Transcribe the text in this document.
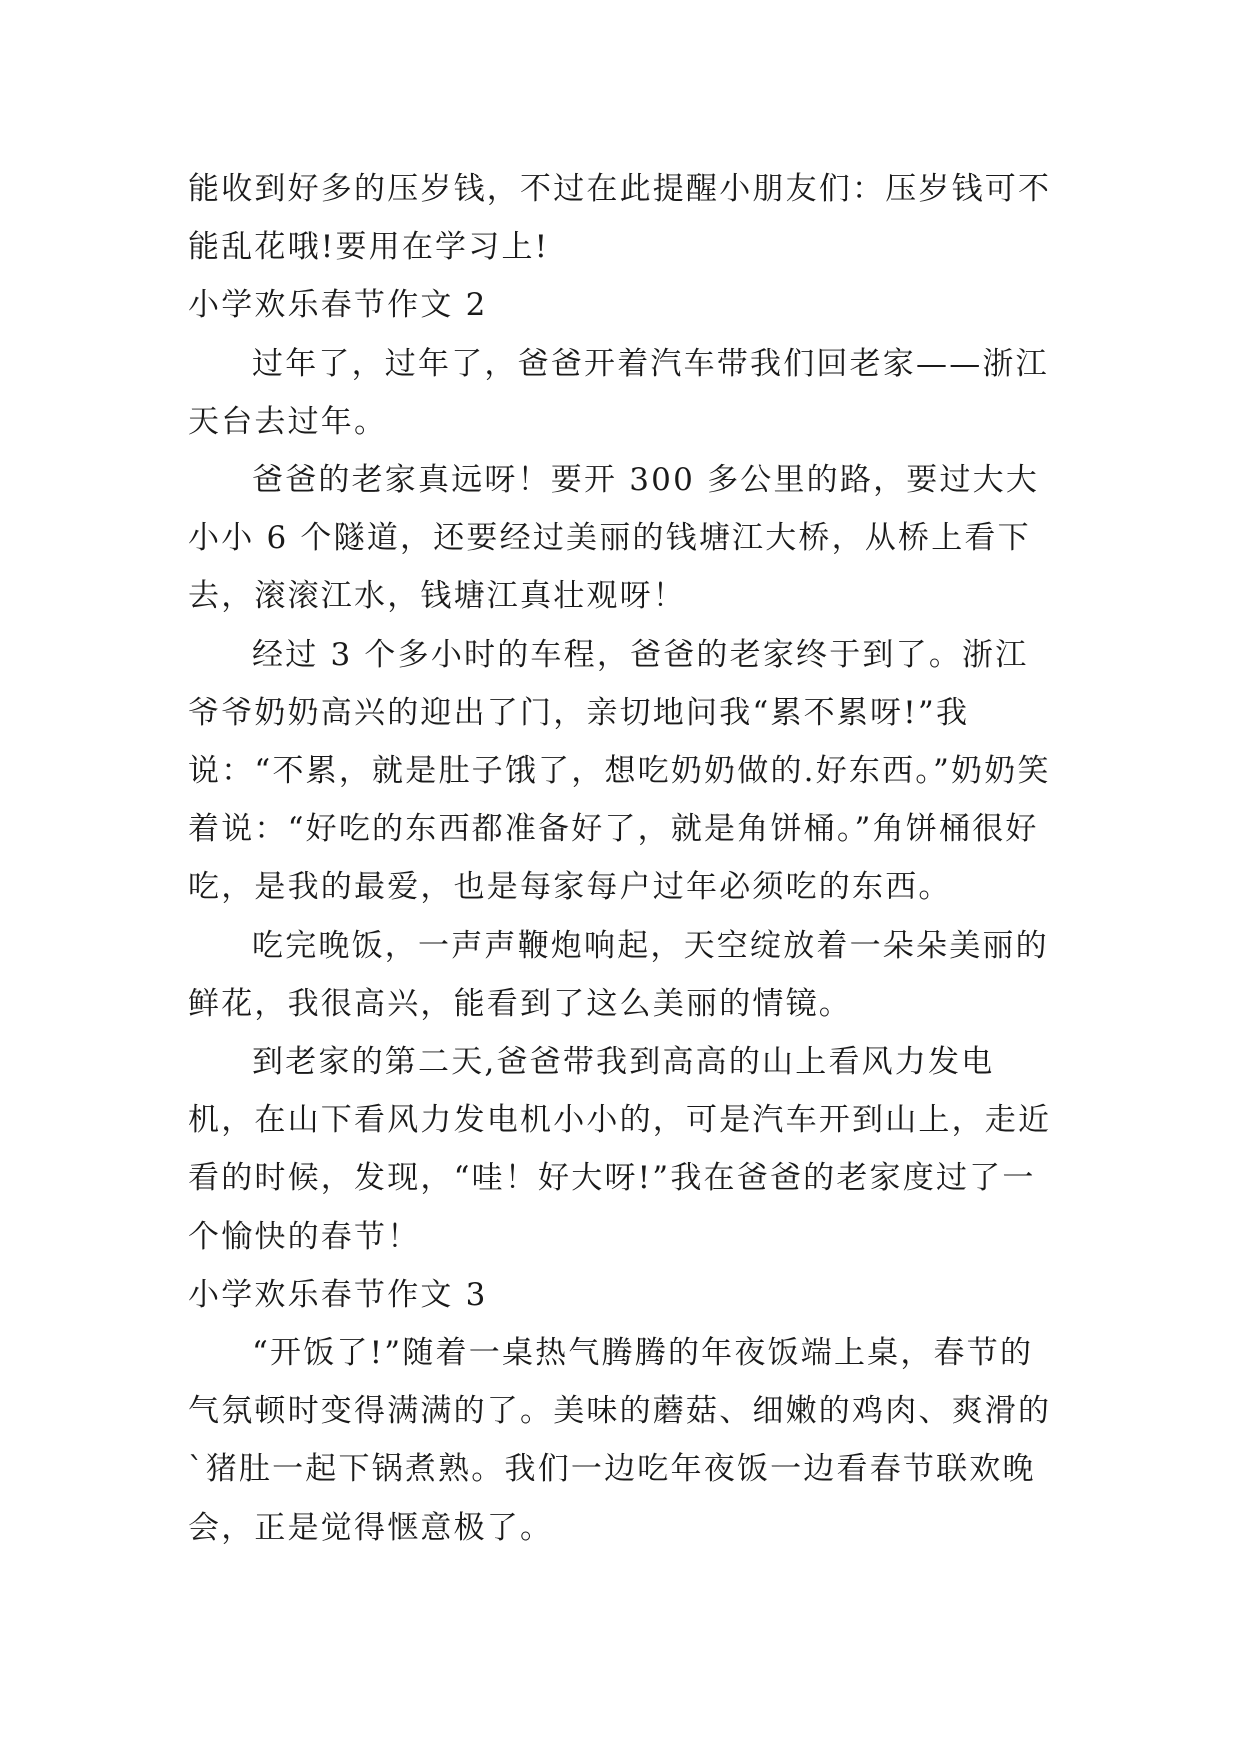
能收到好多的压岁钱，不过在此提醒小朋友们：压岁钱可不能乱花哦!要用在学习上!

小学欢乐春节作文 2

过年了，过年了，爸爸开着汽车带我们回老家——浙江天台去过年。

爸爸的老家真远呀！要开 300 多公里的路，要过大大小小 6 个隧道，还要经过美丽的钱塘江大桥，从桥上看下去，滚滚江水，钱塘江真壮观呀！

经过 3 个多小时的车程，爸爸的老家终于到了。浙江爷爷奶奶高兴的迎出了门，亲切地问我“累不累呀!”我说：“不累，就是肚子饿了，想吃奶奶做的.好东西。”奶奶笑着说：“好吃的东西都准备好了，就是角饼桶。”角饼桶很好吃，是我的最爱，也是每家每户过年必须吃的东西。

吃完晚饭，一声声鞭炮响起，天空绽放着一朵朵美丽的鲜花，我很高兴，能看到了这么美丽的情镜。

到老家的第二天,爸爸带我到高高的山上看风力发电机，在山下看风力发电机小小的，可是汽车开到山上，走近看的时候，发现，“哇！好大呀!”我在爸爸的老家度过了一个愉快的春节！

小学欢乐春节作文 3

“开饭了!”随着一桌热气腾腾的年夜饭端上桌，春节的气氛顿时变得满满的了。美味的蘑菇、细嫩的鸡肉、爽滑的`猪肚一起下锅煮熟。我们一边吃年夜饭一边看春节联欢晚会，正是觉得惬意极了。
